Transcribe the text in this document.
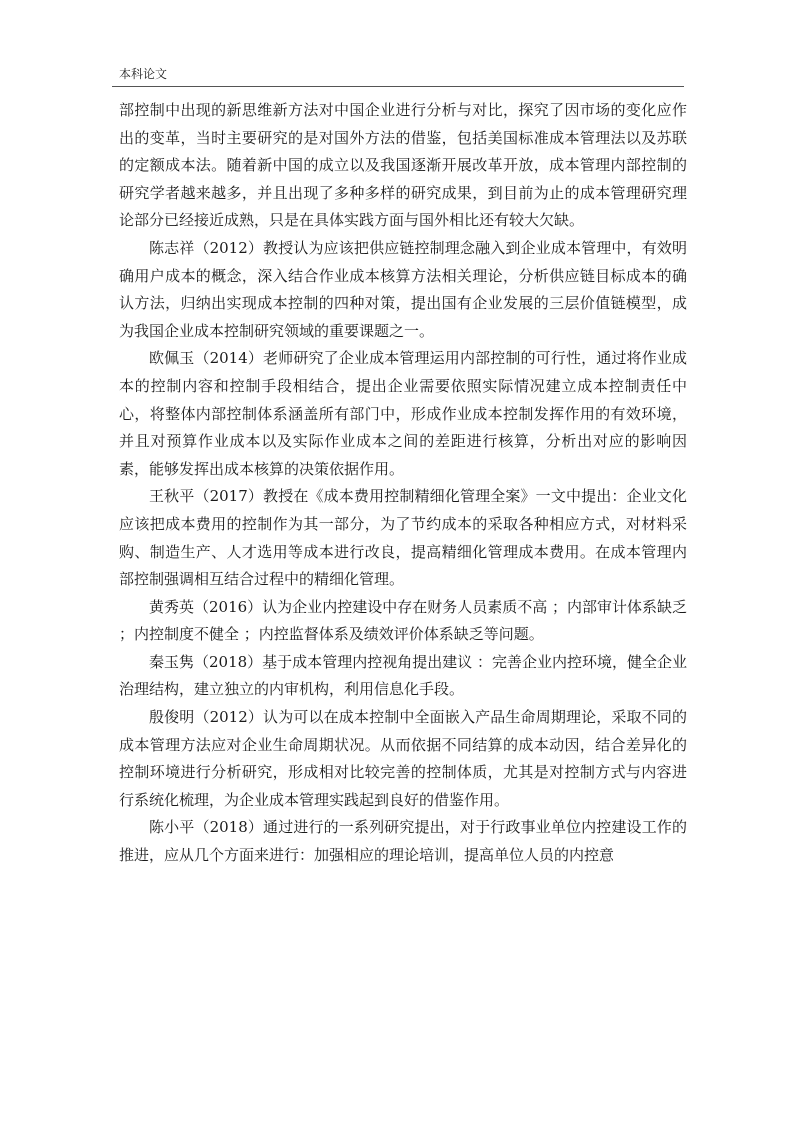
本科论文

部控制中出现的新思维新方法对中国企业进行分析与对比，探究了因市场的变化应作出的变革，当时主要研究的是对国外方法的借鉴，包括美国标准成本管理法以及苏联的定额成本法。随着新中国的成立以及我国逐渐开展改革开放，成本管理内部控制的研究学者越来越多，并且出现了多种多样的研究成果，到目前为止的成本管理研究理论部分已经接近成熟，只是在具体实践方面与国外相比还有较大欠缺。

陈志祥（2012）教授认为应该把供应链控制理念融入到企业成本管理中，有效明确用户成本的概念，深入结合作业成本核算方法相关理论，分析供应链目标成本的确认方法，归纳出实现成本控制的四种对策，提出国有企业发展的三层价值链模型，成为我国企业成本控制研究领域的重要课题之一。

欧佩玉（2014）老师研究了企业成本管理运用内部控制的可行性，通过将作业成本的控制内容和控制手段相结合，提出企业需要依照实际情况建立成本控制责任中心，将整体内部控制体系涵盖所有部门中，形成作业成本控制发挥作用的有效环境，并且对预算作业成本以及实际作业成本之间的差距进行核算，分析出对应的影响因素，能够发挥出成本核算的决策依据作用。

王秋平（2017）教授在《成本费用控制精细化管理全案》一文中提出：企业文化应该把成本费用的控制作为其一部分，为了节约成本的采取各种相应方式，对材料采购、制造生产、人才选用等成本进行改良，提高精细化管理成本费用。在成本管理内部控制强调相互结合过程中的精细化管理。

黄秀英（2016）认为企业内控建设中存在财务人员素质不高 ；内部审计体系缺乏 ；内控制度不健全 ；内控监督体系及绩效评价体系缺乏等问题。

秦玉隽（2018）基于成本管理内控视角提出建议 ：完善企业内控环境，健全企业治理结构，建立独立的内审机构，利用信息化手段。

殷俊明（2012）认为可以在成本控制中全面嵌入产品生命周期理论，采取不同的成本管理方法应对企业生命周期状况。从而依据不同结算的成本动因，结合差异化的控制环境进行分析研究，形成相对比较完善的控制体质，尤其是对控制方式与内容进行系统化梳理，为企业成本管理实践起到良好的借鉴作用。

陈小平（2018）通过进行的一系列研究提出，对于行政事业单位内控建设工作的推进，应从几个方面来进行：加强相应的理论培训，提高单位人员的内控意
